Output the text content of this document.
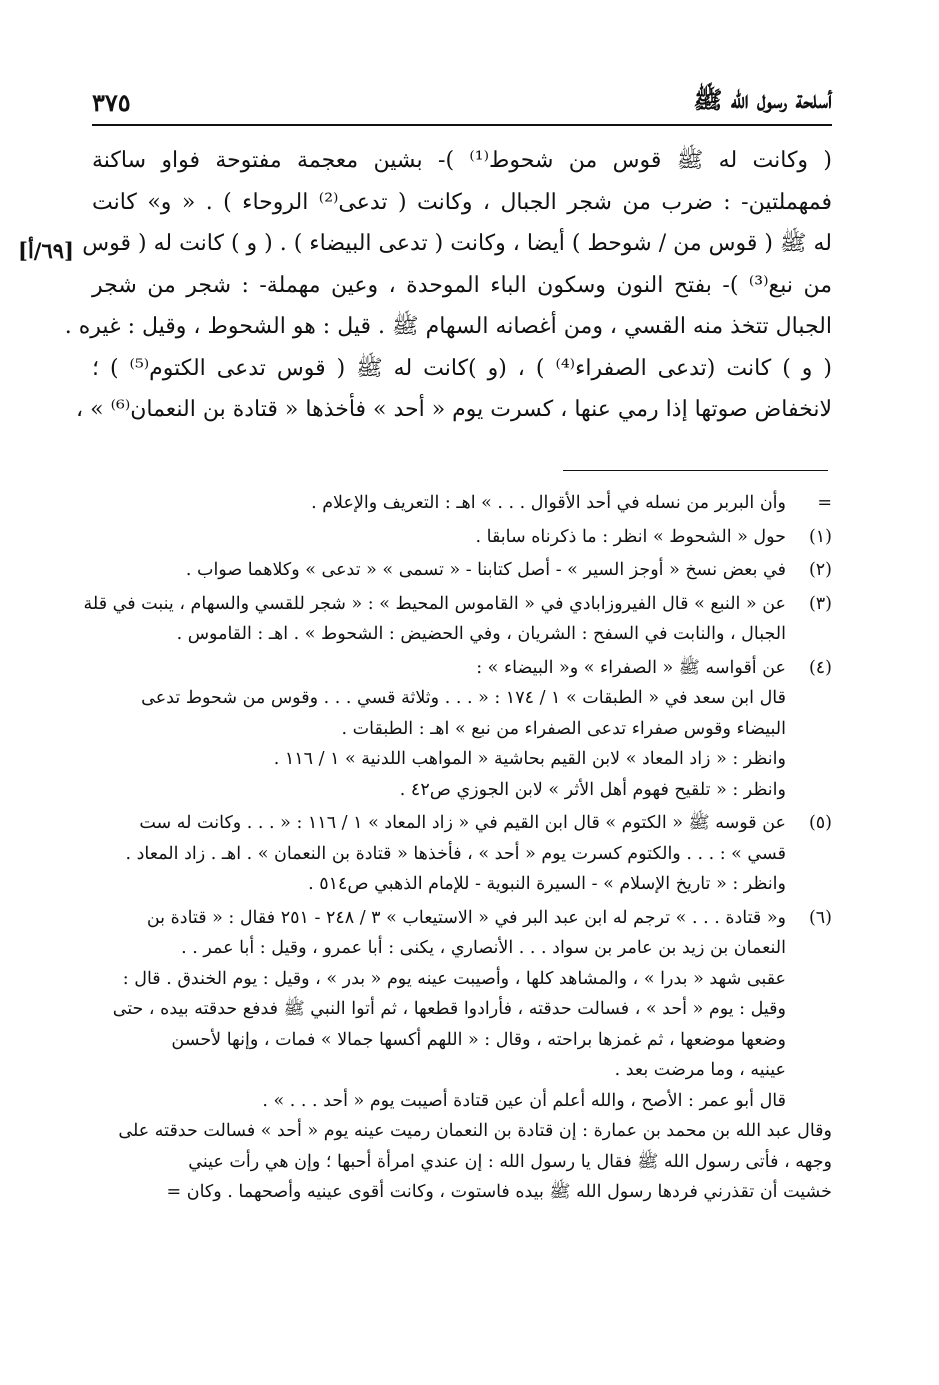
أسلحة رسول الله ﷺ
٣٧٥
[٦٩/أ]
( وكانت له ﷺ قوس من شحوط⁽¹⁾ )- بشين معجمة مفتوحة فواو ساكنة
فمهملتين- : ضرب من شجر الجبال ، وكانت ( تدعى⁽²⁾ الروحاء ) . « و» كانت
له ﷺ ( قوس من / شوحط ) أيضا ، وكانت ( تدعى البيضاء ) . ( و ) كانت له ( قوس
من نبع⁽³⁾ )- بفتح النون وسكون الباء الموحدة ، وعين مهملة- : شجر من شجر
الجبال تتخذ منه القسي ، ومن أغصانه السهام ﷺ . قيل : هو الشحوط ، وقيل : غيره .
( و ) كانت (تدعى الصفراء⁽⁴⁾ ) ، (و )كانت له ﷺ ( قوس تدعى الكتوم⁽⁵⁾ ) ؛
لانخفاض صوتها إذا رمي عنها ، كسرت يوم « أحد » فأخذها « قتادة بن النعمان⁽⁶⁾ » ،
=
وأن البربر من نسله في أحد الأقوال . . . » اهـ : التعريف والإعلام .
(١)
حول « الشحوط » انظر : ما ذكرناه سابقا .
(٢)
في بعض نسخ « أوجز السير » - أصل كتابنا - « تسمى » « تدعى » وكلاهما صواب .
(٣)
عن « النبع » قال الفيروزابادي في « القاموس المحيط » : « شجر للقسي والسهام ، ينبت في قلة
الجبال ، والنابت في السفح : الشريان ، وفي الحضيض : الشحوط » . اهـ : القاموس .
(٤)
عن أقواسه ﷺ « الصفراء » و« البيضاء » :
قال ابن سعد في « الطبقات » ١ / ١٧٤ : « . . . وثلاثة قسي . . . وقوس من شحوط تدعى
البيضاء وقوس صفراء تدعى الصفراء من نبع » اهـ : الطبقات .
وانظر : « زاد المعاد » لابن القيم بحاشية « المواهب اللدنية » ١ / ١١٦ .
وانظر : « تلقيح فهوم أهل الأثر » لابن الجوزي ص٤٢ .
(٥)
عن قوسه ﷺ « الكتوم » قال ابن القيم في « زاد المعاد » ١ / ١١٦ : « . . . وكانت له ست
قسي » : . . . والكتوم كسرت يوم « أحد » ، فأخذها « قتادة بن النعمان » . اهـ . زاد المعاد .
وانظر : « تاريخ الإسلام » - السيرة النبوية - للإمام الذهبي ص٥١٤ .
(٦)
و« قتادة . . . » ترجم له ابن عبد البر في « الاستيعاب » ٣ / ٢٤٨ - ٢٥١ فقال : « قتادة بن
النعمان بن زيد بن عامر بن سواد . . . الأنصاري ، يكنى : أبا عمرو ، وقيل : أبا عمر . .
عقبى شهد « بدرا » ، والمشاهد كلها ، وأصيبت عينه يوم « بدر » ، وقيل : يوم الخندق . قال :
وقيل : يوم « أحد » ، فسالت حدقته ، فأرادوا قطعها ، ثم أتوا النبي ﷺ فدفع حدقته بيده ، حتى
وضعها موضعها ، ثم غمزها براحته ، وقال : « اللهم أكسها جمالا » فمات ، وإنها لأحسن
عينيه ، وما مرضت بعد .
قال أبو عمر : الأصح ، والله أعلم أن عين قتادة أصيبت يوم « أحد . . . » .
وقال عبد الله بن محمد بن عمارة : إن قتادة بن النعمان رميت عينه يوم « أحد » فسالت حدقته على
وجهه ، فأتى رسول الله ﷺ فقال يا رسول الله : إن عندي امرأة أحبها ؛ وإن هي رأت عيني
خشيت أن تقذرني فردها رسول الله ﷺ بيده فاستوت ، وكانت أقوى عينيه وأصحهما . وكان =
